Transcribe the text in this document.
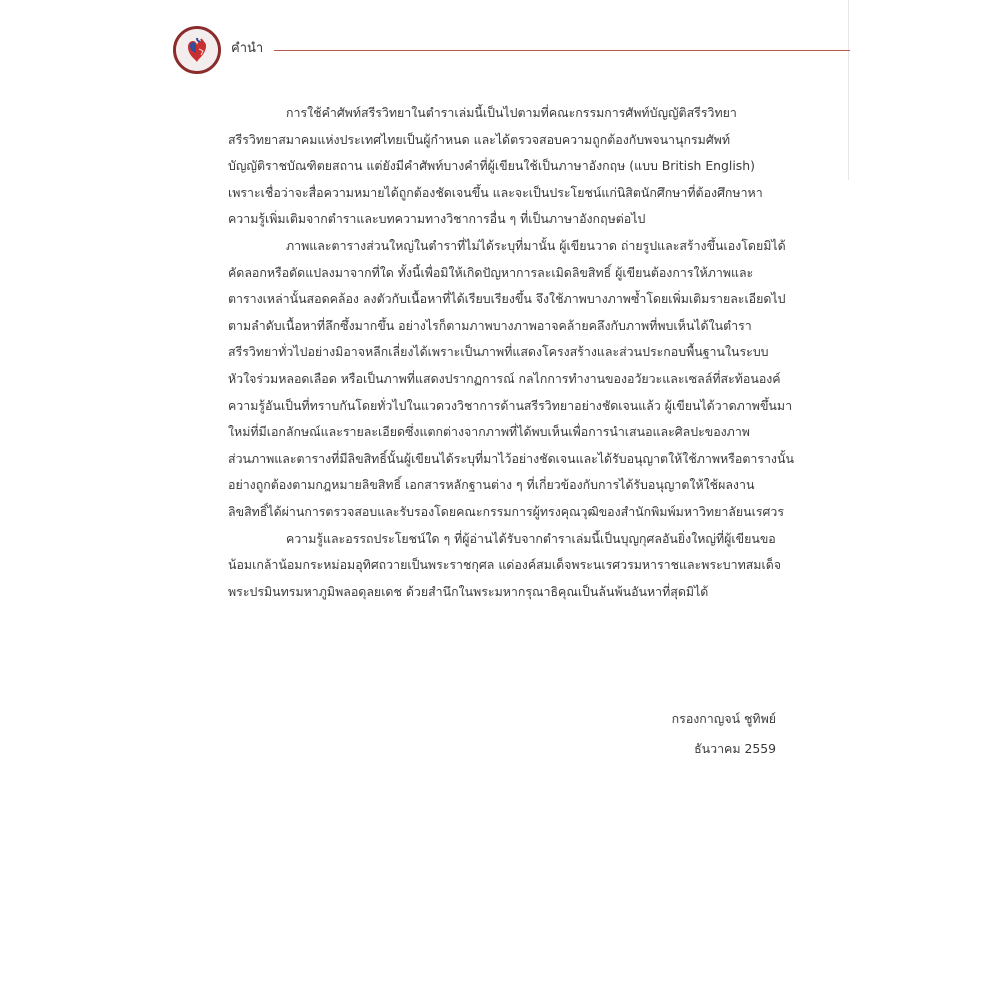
คำนำ

การใช้คำศัพท์สรีรวิทยาในตำราเล่มนี้เป็นไปตามที่คณะกรรมการศัพท์บัญญัติสรีรวิทยา

สรีรวิทยาสมาคมแห่งประเทศไทยเป็นผู้กำหนด และได้ตรวจสอบความถูกต้องกับพจนานุกรมศัพท์

บัญญัติราชบัณฑิตยสถาน แต่ยังมีคำศัพท์บางคำที่ผู้เขียนใช้เป็นภาษาอังกฤษ (แบบ British English)

เพราะเชื่อว่าจะสื่อความหมายได้ถูกต้องชัดเจนขึ้น และจะเป็นประโยชน์แก่นิสิตนักศึกษาที่ต้องศึกษาหา

ความรู้เพิ่มเติมจากตำราและบทความทางวิชาการอื่น ๆ ที่เป็นภาษาอังกฤษต่อไป

ภาพและตารางส่วนใหญ่ในตำราที่ไม่ได้ระบุที่มานั้น ผู้เขียนวาด ถ่ายรูปและสร้างขึ้นเองโดยมิได้

คัดลอกหรือดัดแปลงมาจากที่ใด ทั้งนี้เพื่อมิให้เกิดปัญหาการละเมิดลิขสิทธิ์ ผู้เขียนต้องการให้ภาพและ

ตารางเหล่านั้นสอดคล้อง ลงตัวกับเนื้อหาที่ได้เรียบเรียงขึ้น จึงใช้ภาพบางภาพซ้ำโดยเพิ่มเติมรายละเอียดไป

ตามลำดับเนื้อหาที่ลึกซึ้งมากขึ้น อย่างไรก็ตามภาพบางภาพอาจคล้ายคลึงกับภาพที่พบเห็นได้ในตำรา

สรีรวิทยาทั่วไปอย่างมิอาจหลีกเลี่ยงได้เพราะเป็นภาพที่แสดงโครงสร้างและส่วนประกอบพื้นฐานในระบบ

หัวใจร่วมหลอดเลือด หรือเป็นภาพที่แสดงปรากฏการณ์ กลไกการทำงานของอวัยวะและเซลล์ที่สะท้อนองค์

ความรู้อันเป็นที่ทราบกันโดยทั่วไปในแวดวงวิชาการด้านสรีรวิทยาอย่างชัดเจนแล้ว ผู้เขียนได้วาดภาพขึ้นมา

ใหม่ที่มีเอกลักษณ์และรายละเอียดซึ่งแตกต่างจากภาพที่ได้พบเห็นเพื่อการนำเสนอและศิลปะของภาพ

ส่วนภาพและตารางที่มีลิขสิทธิ์นั้นผู้เขียนได้ระบุที่มาไว้อย่างชัดเจนและได้รับอนุญาตให้ใช้ภาพหรือตารางนั้น

อย่างถูกต้องตามกฎหมายลิขสิทธิ์ เอกสารหลักฐานต่าง ๆ ที่เกี่ยวข้องกับการได้รับอนุญาตให้ใช้ผลงาน

ลิขสิทธิ์ได้ผ่านการตรวจสอบและรับรองโดยคณะกรรมการผู้ทรงคุณวุฒิของสำนักพิมพ์มหาวิทยาลัยนเรศวร

ความรู้และอรรถประโยชน์ใด ๆ ที่ผู้อ่านได้รับจากตำราเล่มนี้เป็นบุญกุศลอันยิ่งใหญ่ที่ผู้เขียนขอ

น้อมเกล้าน้อมกระหม่อมอุทิศถวายเป็นพระราชกุศล แด่องค์สมเด็จพระนเรศวรมหาราชและพระบาทสมเด็จ

พระปรมินทรมหาภูมิพลอดุลยเดช ด้วยสำนึกในพระมหากรุณาธิคุณเป็นล้นพ้นอันหาที่สุดมิได้

กรองกาญจน์ ชูทิพย์
ธันวาคม 2559
